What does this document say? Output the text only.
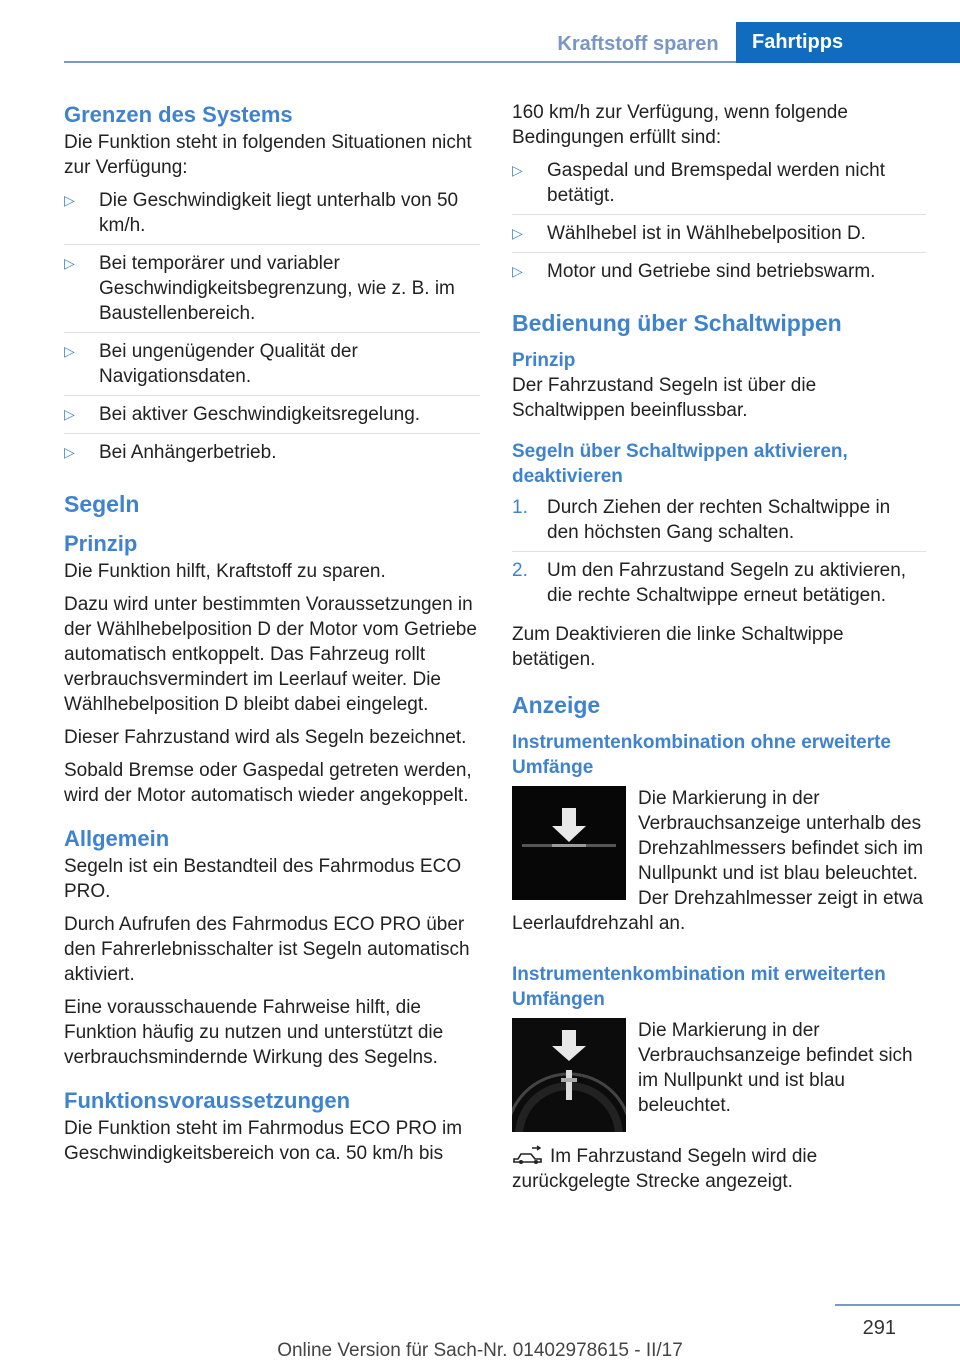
Kraftstoff sparen	Fahrtipps
Grenzen des Systems

Die Funktion steht in folgenden Situationen nicht zur Verfügung:

▷ Die Geschwindigkeit liegt unterhalb von 50 km/h.
▷ Bei temporärer und variabler Geschwindigkeitsbegrenzung, wie z. B. im Baustellenbereich.
▷ Bei ungenügender Qualität der Navigationsdaten.
▷ Bei aktiver Geschwindigkeitsregelung.
▷ Bei Anhängerbetrieb.
Segeln
Prinzip

Die Funktion hilft, Kraftstoff zu sparen.

Dazu wird unter bestimmten Voraussetzungen in der Wählhebelposition D der Motor vom Getriebe automatisch entkoppelt. Das Fahrzeug rollt verbrauchsvermindert im Leerlauf weiter. Die Wählhebelposition D bleibt dabei eingelegt.

Dieser Fahrzustand wird als Segeln bezeichnet.

Sobald Bremse oder Gaspedal getreten werden, wird der Motor automatisch wieder angekoppelt.

Allgemein

Segeln ist ein Bestandteil des Fahrmodus ECO PRO.

Durch Aufrufen des Fahrmodus ECO PRO über den Fahrerlebnisschalter ist Segeln automatisch aktiviert.

Eine vorausschauende Fahrweise hilft, die Funktion häufig zu nutzen und unterstützt die verbrauchsmindernde Wirkung des Segelns.

Funktionsvoraussetzungen

Die Funktion steht im Fahrmodus ECO PRO im Geschwindigkeitsbereich von ca. 50 km/h bis

160 km/h zur Verfügung, wenn folgende Bedingungen erfüllt sind:

▷ Gaspedal und Bremspedal werden nicht betätigt.
▷ Wählhebel ist in Wählhebelposition D.
▷ Motor und Getriebe sind betriebswarm.
Bedienung über Schaltwippen
Prinzip

Der Fahrzustand Segeln ist über die Schaltwippen beeinflussbar.

Segeln über Schaltwippen aktivieren, deaktivieren
1. Durch Ziehen der rechten Schaltwippe in den höchsten Gang schalten.
2. Um den Fahrzustand Segeln zu aktivieren, die rechte Schaltwippe erneut betätigen.

Zum Deaktivieren die linke Schaltwippe betätigen.

Anzeige
Instrumentenkombination ohne erweiterte Umfänge

Die Markierung in der Verbrauchsanzeige unterhalb des Drehzahlmessers befindet sich im Nullpunkt und ist blau beleuchtet. Der Drehzahlmesser zeigt in etwa Leerlaufdrehzahl an.

Instrumentenkombination mit erweiterten Umfängen

Die Markierung in der Verbrauchsanzeige befindet sich im Nullpunkt und ist blau beleuchtet.

Im Fahrzustand Segeln wird die zurückgelegte Strecke angezeigt.

291
Online Version für Sach-Nr. 01402978615 - II/17
